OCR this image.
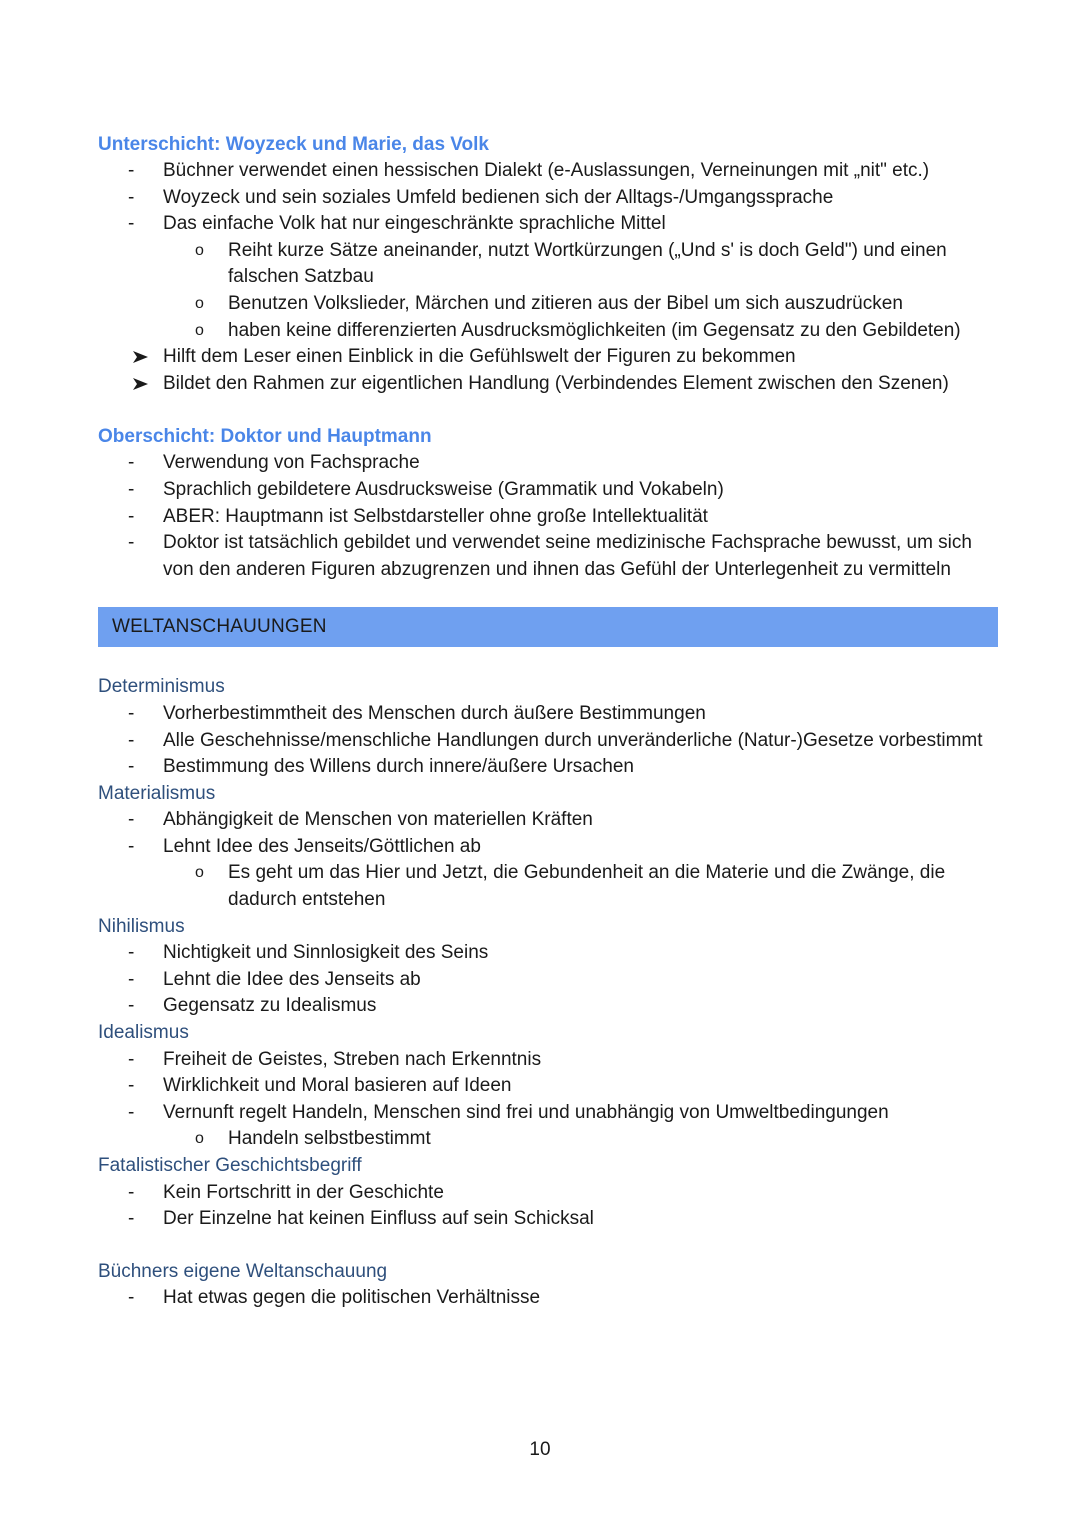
Unterschicht: Woyzeck und Marie, das Volk
- Büchner verwendet einen hessischen Dialekt (e-Auslassungen, Verneinungen mit „nit" etc.)
- Woyzeck und sein soziales Umfeld bedienen sich der Alltags-/Umgangssprache
- Das einfache Volk hat nur eingeschränkte sprachliche Mittel
o Reiht kurze Sätze aneinander, nutzt Wortkürzungen („Und s' is doch Geld") und einen falschen Satzbau
o Benutzen Volkslieder, Märchen und zitieren aus der Bibel um sich auszudrücken
o haben keine differenzierten Ausdrucksmöglichkeiten (im Gegensatz zu den Gebildeten)
Hilft dem Leser einen Einblick in die Gefühlswelt der Figuren zu bekommen
Bildet den Rahmen zur eigentlichen Handlung (Verbindendes Element zwischen den Szenen)
Oberschicht: Doktor und Hauptmann
- Verwendung von Fachsprache
- Sprachlich gebildetere Ausdrucksweise (Grammatik und Vokabeln)
- ABER: Hauptmann ist Selbstdarsteller ohne große Intellektualität
- Doktor ist tatsächlich gebildet und verwendet seine medizinische Fachsprache bewusst, um sich von den anderen Figuren abzugrenzen und ihnen das Gefühl der Unterlegenheit zu vermitteln
WELTANSCHAUUNGEN
Determinismus
- Vorherbestimmtheit des Menschen durch äußere Bestimmungen
- Alle Geschehnisse/menschliche Handlungen durch unveränderliche (Natur-)Gesetze vorbestimmt
- Bestimmung des Willens durch innere/äußere Ursachen
Materialismus
- Abhängigkeit de Menschen von materiellen Kräften
- Lehnt Idee des Jenseits/Göttlichen ab
o Es geht um das Hier und Jetzt, die Gebundenheit an die Materie und die Zwänge, die dadurch entstehen
Nihilismus
- Nichtigkeit und Sinnlosigkeit des Seins
- Lehnt die Idee des Jenseits ab
- Gegensatz zu Idealismus
Idealismus
- Freiheit de Geistes, Streben nach Erkenntnis
- Wirklichkeit und Moral basieren auf Ideen
- Vernunft regelt Handeln, Menschen sind frei und unabhängig von Umweltbedingungen
o Handeln selbstbestimmt
Fatalistischer Geschichtsbegriff
- Kein Fortschritt in der Geschichte
- Der Einzelne hat keinen Einfluss auf sein Schicksal
Büchners eigene Weltanschauung
- Hat etwas gegen die politischen Verhältnisse
10
